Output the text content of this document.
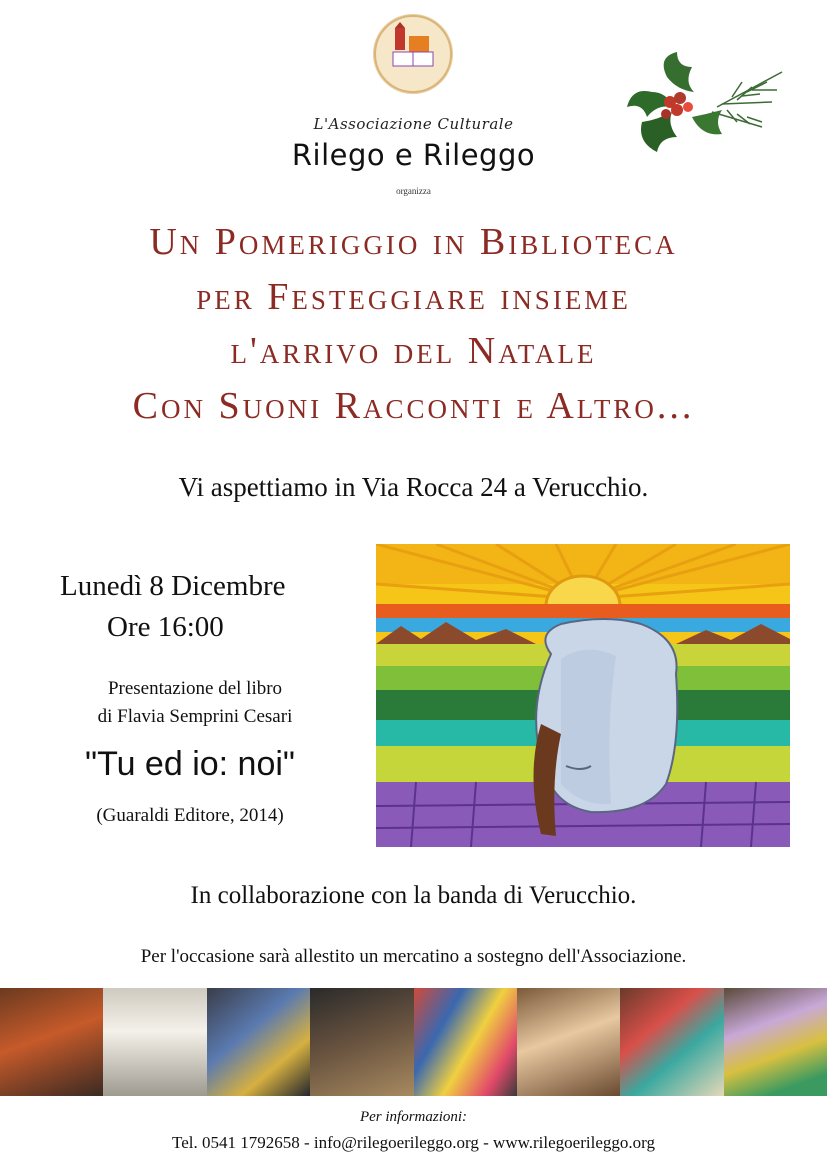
L'Associazione Culturale
Rilego e Rileggo
organizza
Un Pomeriggio in Biblioteca
per Festeggiare insieme
l'arrivo del Natale
Con Suoni Racconti e Altro...
Vi aspettiamo in Via Rocca 24 a Verucchio.
Lunedì 8 Dicembre
Ore 16:00
Presentazione del libro
di Flavia Semprini Cesari
"Tu ed io: noi"
(Guaraldi Editore, 2014)
In collaborazione con la banda di Verucchio.
Per l'occasione sarà allestito un mercatino a sostegno dell'Associazione.
Per informazioni:
Tel. 0541 1792658 - info@rilegoerileggo.org - www.rilegoerileggo.org
